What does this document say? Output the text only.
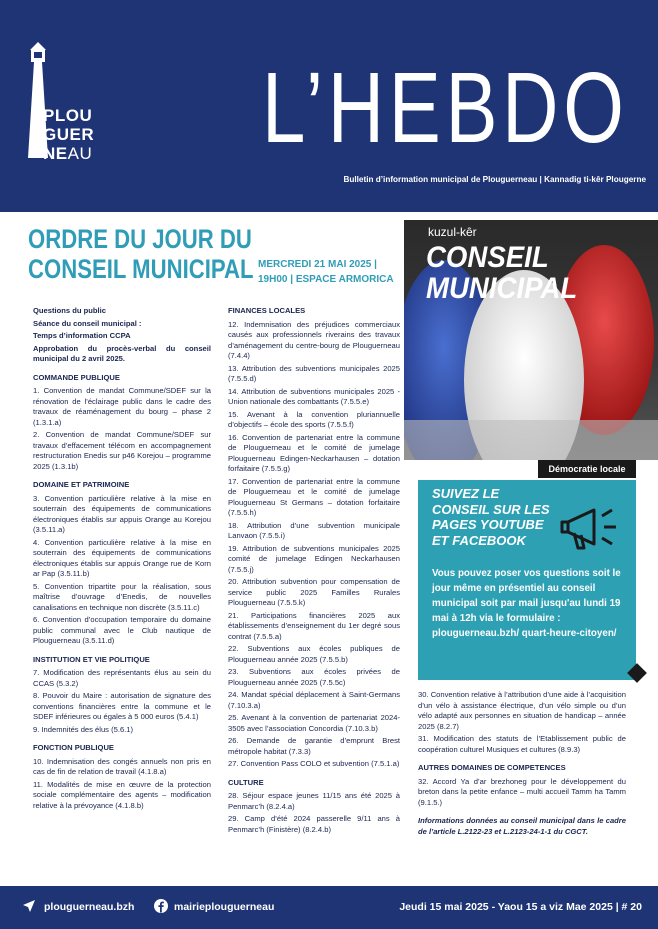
PLOU
GUER
NEAU L’HEBDO
Bulletin d’information municipal de Plouguerneau | Kannadig ti-kêr Plougerne
ORDRE DU JOUR DU
CONSEIL MUNICIPAL MERCREDI 21 MAI 2025 |
19H00 | ESPACE ARMORICA
kuzul-kêr
CONSEIL
MUNICIPAL
Démocratie locale
SUIVEZ LE CONSEIL SUR LES PAGES YOUTUBE ET FACEBOOK
Vous pouvez poser vos questions soit le jour même en présentiel au conseil municipal soit par mail jusqu'au lundi 19 mai à 12h via le formulaire : plouguerneau.bzh/ quart-heure-citoyen/

Questions du public

Séance du conseil municipal :

Temps d’information CCPA

Approbation du procès-verbal du conseil municipal du 2 avril 2025.

COMMANDE PUBLIQUE

1. Convention de mandat Commune/SDEF sur la rénovation de l’éclairage public dans le cadre des travaux de réaménagement du bourg – phase 2 (1.3.1.a)

2. Convention de mandat Commune/SDEF sur travaux d’effacement télécom en accompagnement restructuration Enedis sur p46 Korejou – programme 2025 (1.3.1b)

DOMAINE ET PATRIMOINE

3. Convention particulière relative à la mise en souterrain des équipements de communications électroniques établis sur appuis Orange au Korejou (3.5.11.a)

4. Convention particulière relative à la mise en souterrain des équipements de communications électroniques établis sur appuis Orange rue de Korn ar Pap (3.5.11.b)

5. Convention tripartite pour la réalisation, sous maîtrise d’ouvrage d’Enedis, de nouvelles canalisations en technique non discrète (3.5.11.c)

6. Convention d’occupation temporaire du domaine public communal avec le Club nautique de Plouguerneau (3.5.11.d)

INSTITUTION ET VIE POLITIQUE

7. Modification des représentants élus au sein du CCAS (5.3.2)

8. Pouvoir du Maire : autorisation de signature des conventions financières entre la commune et le SDEF inférieures ou égales à 5 000 euros (5.4.1)

9. Indemnités des élus (5.6.1)

FONCTION PUBLIQUE

10. Indemnisation des congés annuels non pris en cas de fin de relation de travail (4.1.8.a)

11. Modalités de mise en œuvre de la protection sociale complémentaire des agents – modification relative à la prévoyance (4.1.8.b)

FINANCES LOCALES

12. Indemnisation des préjudices commerciaux causés aux professionnels riverains des travaux d’aménagement du centre-bourg de Plouguerneau (7.4.4)

13. Attribution des subventions municipales 2025 (7.5.5.d)

14. Attribution de subventions municipales 2025 - Union nationale des combattants (7.5.5.e)

15. Avenant à la convention pluriannuelle d’objectifs – école des sports (7.5.5.f)

16. Convention de partenariat entre la commune de Plouguerneau et le comité de jumelage Plouguerneau Edingen-Neckarhausen – dotation forfaitaire (7.5.5.g)

17. Convention de partenariat entre la commune de Plouguerneau et le comité de jumelage Plouguerneau St Germans – dotation forfaitaire (7.5.5.h)

18. Attribution d’une subvention municipale Lanvaon (7.5.5.i)

19. Attribution de subventions municipales 2025 comité de jumelage Edingen Neckarhausen (7.5.5.j)

20. Attribution subvention pour compensation de service public 2025 Familles Rurales Plouguerneau (7.5.5.k)

21. Participations financières 2025 aux établissements d’enseignement du 1er degré sous contrat (7.5.5.a)

22. Subventions aux écoles publiques de Plouguerneau année 2025 (7.5.5.b)

23. Subventions aux écoles privées de Plouguerneau année 2025 (7.5.5c)

24. Mandat spécial déplacement à Saint-Germans (7.10.3.a)

25. Avenant à la convention de partenariat 2024-3505 avec l’association Concordia (7.10.3.b)

26. Demande de garantie d’emprunt Brest métropole habitat (7.3.3)

27. Convention Pass COLO et subvention (7.5.1.a)

CULTURE

28. Séjour espace jeunes 11/15 ans été 2025 à Penmarc’h (8.2.4.a)

29. Camp d’été 2024 passerelle 9/11 ans à Penmarc’h (Finistère) (8.2.4.b)

30. Convention relative à l’attribution d’une aide à l’acquisition d’un vélo à assistance électrique, d’un vélo simple ou d’un vélo adapté aux personnes en situation de handicap – année 2025 (8.2.7)

31. Modification des statuts de l’Etablissement public de coopération culturel Musiques et cultures (8.9.3)

AUTRES DOMAINES DE COMPETENCES

32. Accord Ya d’ar brezhoneg pour le développement du breton dans la petite enfance – multi accueil Tamm ha Tamm (9.1.5.)

Informations données au conseil municipal dans le cadre de l’article L.2122-23 et L.2123-24-1-1 du CGCT.

plouguerneau.bzh	mairieplouguerneau	Jeudi 15 mai 2025 - Yaou 15 a viz Mae 2025 | # 20
